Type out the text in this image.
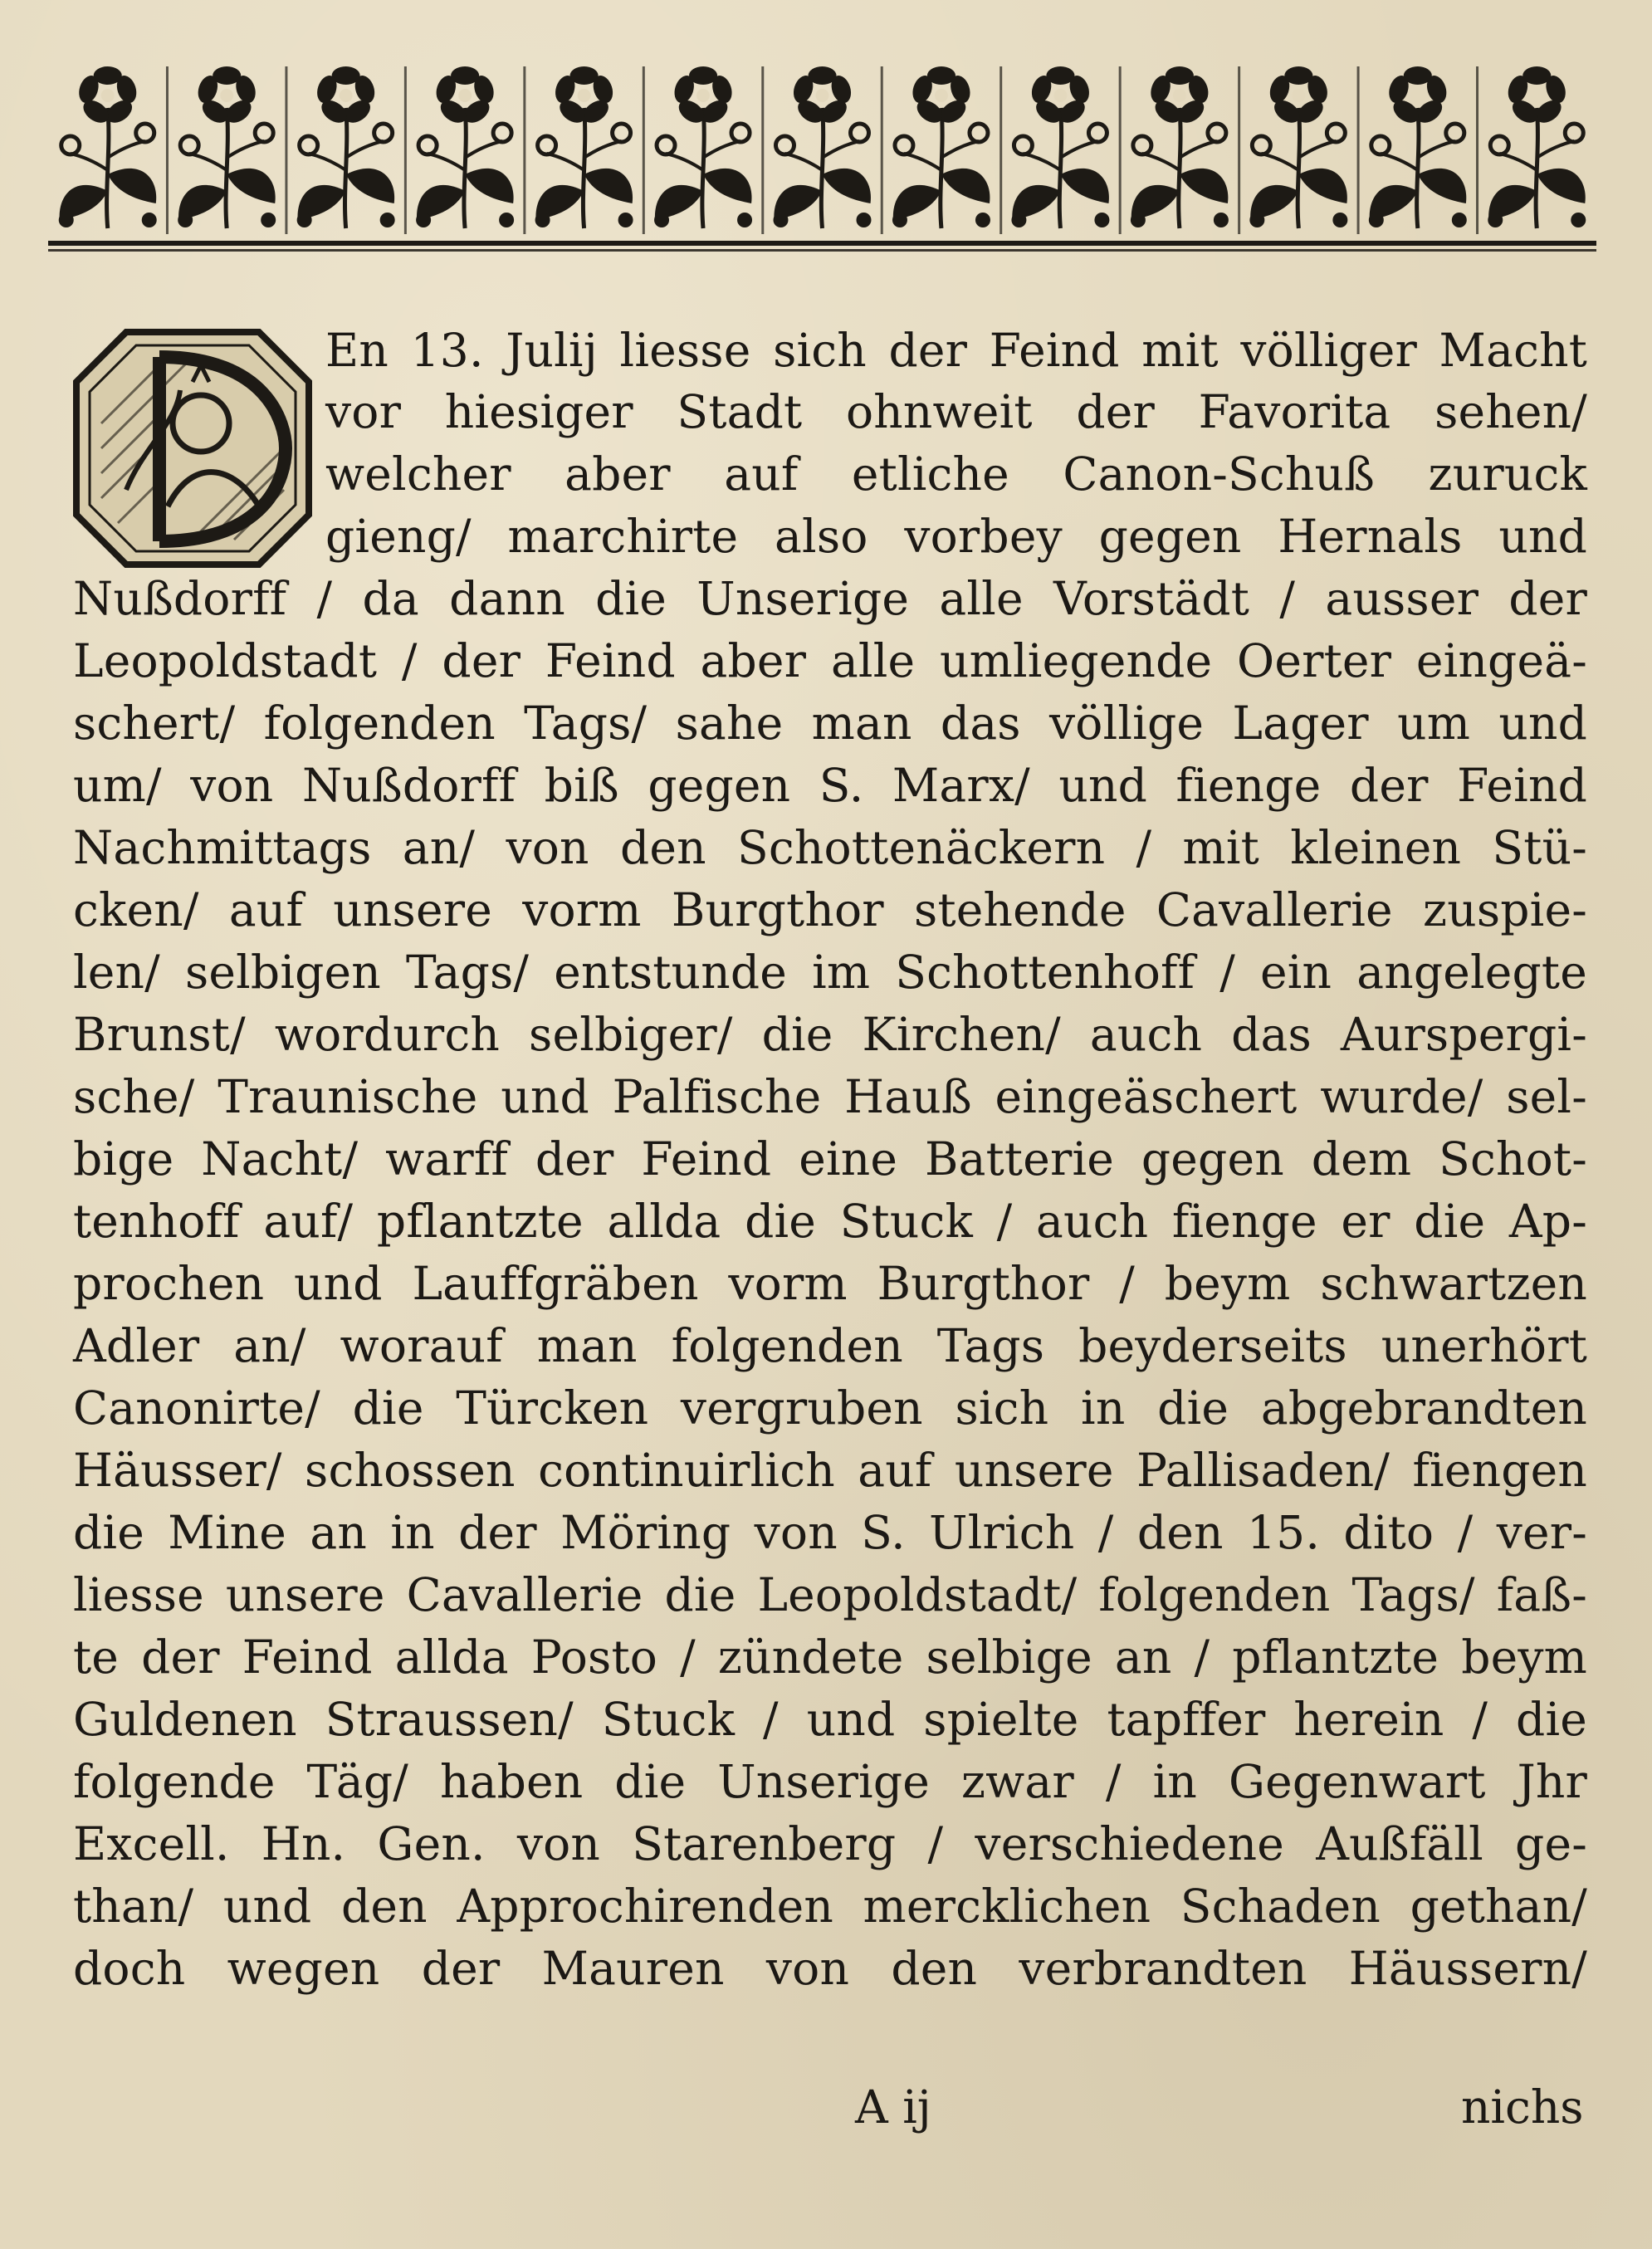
En 13. Julij liesse sich der Feind mit völliger Macht
vor hiesiger Stadt ohnweit der Favorita sehen/
welcher aber auf etliche Canon-Schuß zuruck
gieng/ marchirte also vorbey gegen Hernals und
Nußdorff / da dann die Unserige alle Vorstädt / ausser der
Leopoldstadt / der Feind aber alle umliegende Oerter eingeä-
schert/ folgenden Tags/ sahe man das völlige Lager um und
um/ von Nußdorff biß gegen S. Marx/ und fienge der Feind
Nachmittags an/ von den Schottenäckern / mit kleinen Stü-
cken/ auf unsere vorm Burgthor stehende Cavallerie zuspie-
len/ selbigen Tags/ entstunde im Schottenhoff / ein angelegte
Brunst/ wordurch selbiger/ die Kirchen/ auch das Aurspergi-
sche/ Traunische und Palfische Hauß eingeäschert wurde/ sel-
bige Nacht/ warff der Feind eine Batterie gegen dem Schot-
tenhoff auf/ pflantzte allda die Stuck / auch fienge er die Ap-
prochen und Lauffgräben vorm Burgthor / beym schwartzen
Adler an/ worauf man folgenden Tags beyderseits unerhört
Canonirte/ die Türcken vergruben sich in die abgebrandten
Häusser/ schossen continuirlich auf unsere Pallisaden/ fiengen
die Mine an in der Möring von S. Ulrich / den 15. dito / ver-
liesse unsere Cavallerie die Leopoldstadt/ folgenden Tags/ faß-
te der Feind allda Posto / zündete selbige an / pflantzte beym
Guldenen Straussen/ Stuck / und spielte tapffer herein / die
folgende Täg/ haben die Unserige zwar / in Gegenwart Jhr
Excell. Hn. Gen. von Starenberg / verschiedene Außfäll ge-
than/ und den Approchirenden mercklichen Schaden gethan/
doch wegen der Mauren von den verbrandten Häussern/
A ij	nichs
